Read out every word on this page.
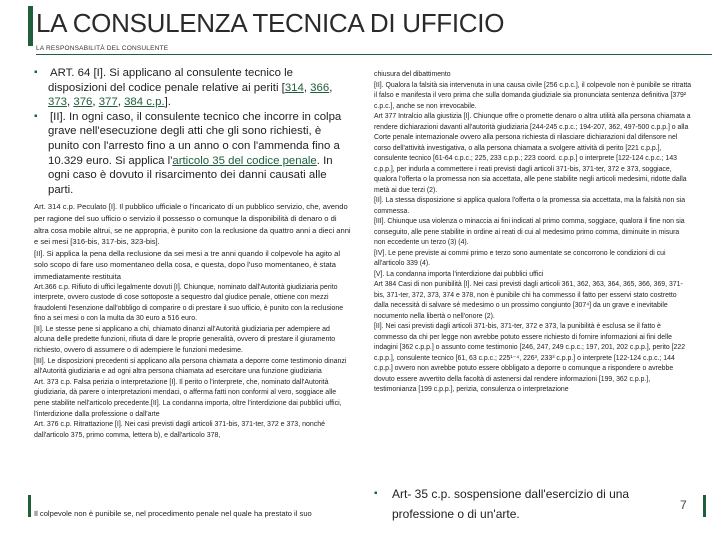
LA CONSULENZA TECNICA DI UFFICIO
LA RESPONSABILITÀ DEL CONSULENTE
▪ ART. 64 [I]. Si applicano al consulente tecnico le disposizioni del codice penale relative ai periti [314, 366, 373, 376, 377, 384 c.p.].
▪ [II]. In ogni caso, il consulente tecnico che incorre in colpa grave nell'esecuzione degli atti che gli sono richiesti, è punito con l'arresto fino a un anno o con l'ammenda fino a 10.329 euro. Si applica l'articolo 35 del codice penale. In ogni caso è dovuto il risarcimento dei danni causati alle parti.

Art. 314 c.p. Peculato [I]. Il pubblico ufficiale o l'incaricato di un pubblico servizio, che, avendo per ragione del suo ufficio o servizio il possesso o comunque la disponibilità di denaro o di altra cosa mobile altrui, se ne appropria, è punito con la reclusione da quattro anni a dieci anni e sei mesi [316-bis, 317-bis, 323-bis].

[II]. Si applica la pena della reclusione da sei mesi a tre anni quando il colpevole ha agito al solo scopo di fare uso momentaneo della cosa, e questa, dopo l'uso momentaneo, è stata immediatamente restituita

Art.366 c.p. Rifiuto di uffici legalmente dovuti [I]. Chiunque, nominato dall'Autorità giudiziaria perito interprete, ovvero custode di cose sottoposte a sequestro dal giudice penale, ottiene con mezzi fraudolenti l'esenzione dall'obbligo di comparire o di prestare il suo ufficio, è punito con la reclusione fino a sei mesi o con la multa da 30 euro a 516 euro.

[II]. Le stesse pene si applicano a chi, chiamato dinanzi all'Autorità giudiziaria per adempiere ad alcuna delle predette funzioni, rifiuta di dare le proprie generalità, ovvero di prestare il giuramento richiesto, ovvero di assumere o di adempiere le funzioni medesime.

[III]. Le disposizioni precedenti si applicano alla persona chiamata a deporre come testimonio dinanzi all'Autorità giudiziaria e ad ogni altra persona chiamata ad esercitare una funzione giudiziaria

Art. 373 c.p. Falsa perizia o interpretazione [I]. Il perito o l'interprete, che, nominato dall'Autorità giudiziaria, dà parere o interpretazioni mendaci, o afferma fatti non conformi al vero, soggiace alle pene stabilite nell'articolo precedente.[II]. La condanna importa, oltre l'interdizione dai pubblici uffici, l'interdizione dalla professione o dall'arte

Art. 376 c.p. Ritrattazione [I]. Nei casi previsti dagli articoli 371-bis, 371-ter, 372 e 373, nonché dall'articolo 375, primo comma, lettera b), e dall'articolo 378,

chiusura del dibattimento

[II]. Qualora la falsità sia intervenuta in una causa civile [256 c.p.c.], il colpevole non è punibile se ritratta il falso e manifesta il vero prima che sulla domanda giudiziale sia pronunciata sentenza definitiva [379² c.p.c.], anche se non irrevocabile.

Art 377 Intralcio alla giustizia [I]. Chiunque offre o promette denaro o altra utilità alla persona chiamata a rendere dichiarazioni davanti all'autorità giudiziaria [244-245 c.p.c.; 194-207, 362, 497-500 c.p.p.] o alla Corte penale internazionale ovvero alla persona richiesta di rilasciare dichiarazioni dal difensore nel corso dell'attività investigativa, o alla persona chiamata a svolgere attività di perito [221 c.p.p.], consulente tecnico [61-64 c.p.c.; 225, 233 c.p.p.; 223 coord. c.p.p.] o interprete [122-124 c.p.c.; 143 c.p.p.], per indurla a commettere i reati previsti dagli articoli 371-bis, 371-ter, 372 e 373, soggiace, qualora l'offerta o la promessa non sia accettata, alle pene stabilite negli articoli medesimi, ridotte dalla metà ai due terzi (2).

[II]. La stessa disposizione si applica qualora l'offerta o la promessa sia accettata, ma la falsità non sia commessa.

[III]. Chiunque usa violenza o minaccia ai fini indicati al primo comma, soggiace, qualora il fine non sia conseguito, alle pene stabilite in ordine ai reati di cui al medesimo primo comma, diminuite in misura non eccedente un terzo (3) (4).

[IV]. Le pene previste ai commi primo e terzo sono aumentate se concorrono le condizioni di cui all'articolo 339 (4).

[V]. La condanna importa l'interdizione dai pubblici uffici

Art 384 Casi di non punibilità [I]. Nei casi previsti dagli articoli 361, 362, 363, 364, 365, 366, 369, 371-bis, 371-ter, 372, 373, 374 e 378, non è punibile chi ha commesso il fatto per esservi stato costretto dalla necessità di salvare sé medesimo o un prossimo congiunto [307⁴] da un grave e inevitabile nocumento nella libertà o nell'onore (2).

[II]. Nei casi previsti dagli articoli 371-bis, 371-ter, 372 e 373, la punibilità è esclusa se il fatto è commesso da chi per legge non avrebbe potuto essere richiesto di fornire informazioni ai fini delle indagini [362 c.p.p.] o assunto come testimonio [246, 247, 249 c.p.c.; 197, 201, 202 c.p.p.], perito [222 c.p.p.], consulente tecnico [61, 63 c.p.c.; 225¹⁻⁴, 226³, 233³ c.p.p.] o interprete [122-124 c.p.c.; 144 c.p.p.] ovvero non avrebbe potuto essere obbligato a deporre o comunque a rispondere o avrebbe dovuto essere avvertito della facoltà di astenersi dal rendere informazioni [199, 362 c.p.p.], testimonianza [199 c.p.p.], perizia, consulenza o interpretazione

▪ Art- 35 c.p. sospensione dall'esercizio di una professione o di un'arte.
Il colpevole non è punibile se, nel procedimento penale nel quale ha prestato il suo
7
